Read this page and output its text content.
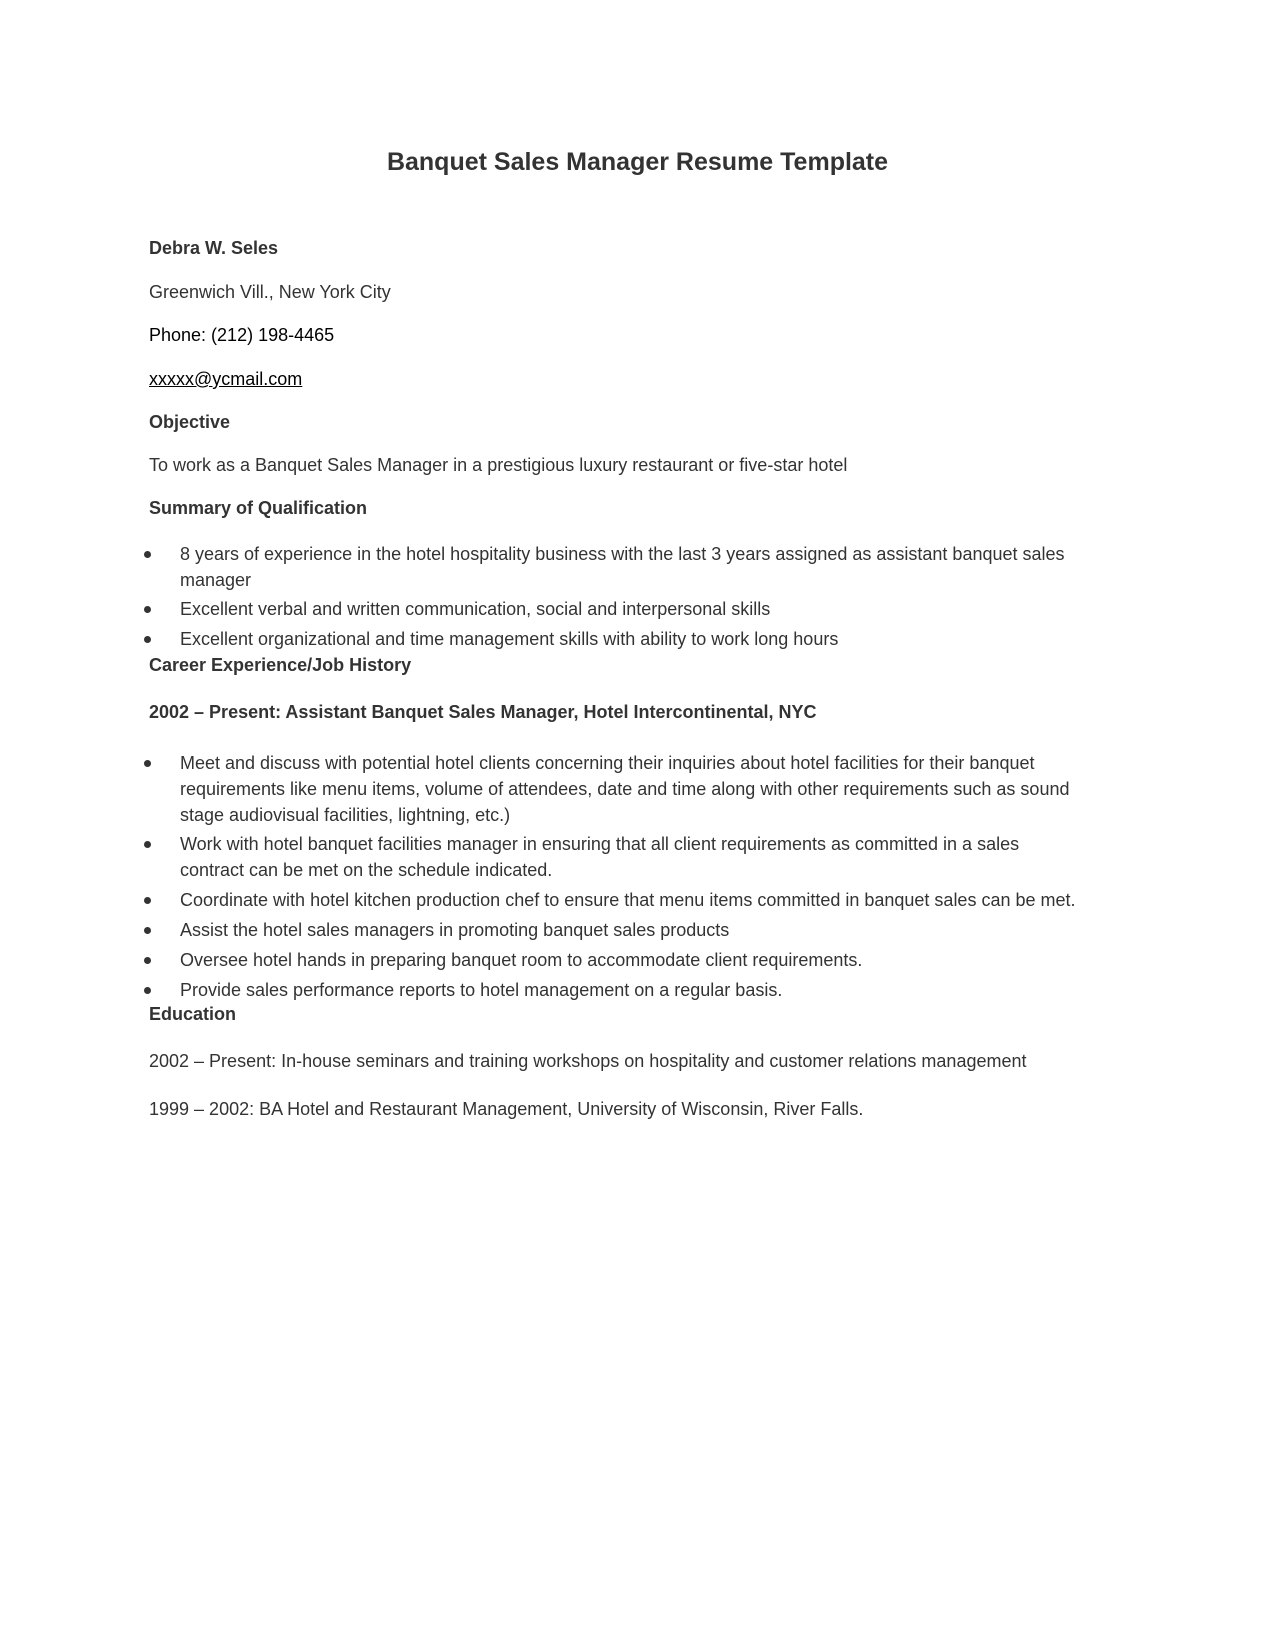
Banquet Sales Manager Resume Template
Debra W. Seles
Greenwich Vill., New York City
Phone: (212) 198-4465
xxxxx@ycmail.com
Objective
To work as a Banquet Sales Manager in a prestigious luxury restaurant or five-star hotel
Summary of Qualification
8 years of experience in the hotel hospitality business with the last 3 years assigned as assistant banquet sales manager
Excellent verbal and written communication, social and interpersonal skills
Excellent organizational and time management skills with ability to work long hours
Career Experience/Job History
2002 – Present: Assistant Banquet Sales Manager, Hotel Intercontinental, NYC
Meet and discuss with potential hotel clients concerning their inquiries about hotel facilities for their banquet requirements like menu items, volume of attendees, date and time along with other requirements such as sound stage audiovisual facilities, lightning, etc.)
Work with hotel banquet facilities manager in ensuring that all client requirements as committed in a sales contract can be met on the schedule indicated.
Coordinate with hotel kitchen production chef to ensure that menu items committed in banquet sales can be met.
Assist the hotel sales managers in promoting banquet sales products
Oversee hotel hands in preparing banquet room to accommodate client requirements.
Provide sales performance reports to hotel management on a regular basis.
Education
2002 – Present: In-house seminars and training workshops on hospitality and customer relations management
1999 – 2002: BA Hotel and Restaurant Management, University of Wisconsin, River Falls.
